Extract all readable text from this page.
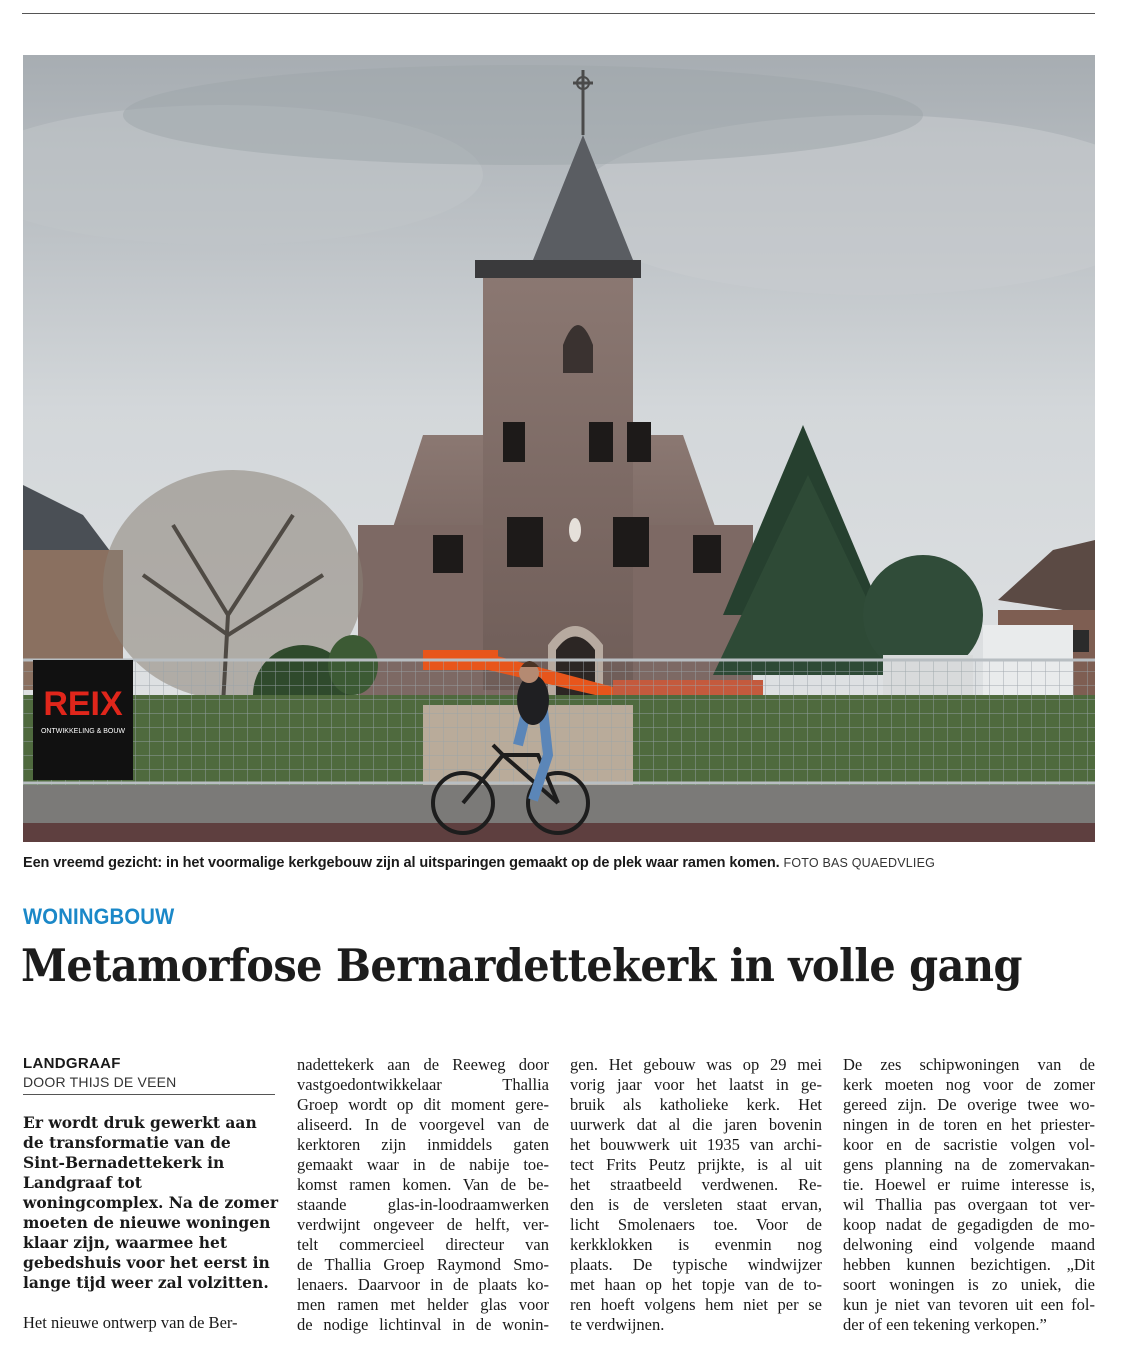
REIX
ONTWIKKELING & BOUW
Een vreemd gezicht: in het voormalige kerkgebouw zijn al uitsparingen gemaakt op de plek waar ramen komen. FOTO BAS QUAEDVLIEG
WONINGBOUW
Metamorfose Bernardettekerk in volle gang
LANDGRAAF
DOOR THIJS DE VEEN

Er wordt druk gewerkt aan
de transformatie van de
Sint-Bernadettekerk in
Landgraaf tot
woningcomplex. Na de zomer
moeten de nieuwe woningen
klaar zijn, waarmee het
gebedshuis voor het eerst in
lange tijd weer zal volzitten.

Het nieuwe ontwerp van de Ber-

nadettekerk aan de Reeweg door
vastgoedontwikkelaar Thallia
Groep wordt op dit moment gere-
aliseerd. In de voorgevel van de
kerktoren zijn inmiddels gaten
gemaakt waar in de nabije toe-
komst ramen komen. Van de be-
staande glas-in-loodraamwerken
verdwijnt ongeveer de helft, ver-
telt commercieel directeur van
de Thallia Groep Raymond Smo-
lenaers. Daarvoor in de plaats ko-
men ramen met helder glas voor
de nodige lichtinval in de wonin-

gen. Het gebouw was op 29 mei
vorig jaar voor het laatst in ge-
bruik als katholieke kerk. Het
uurwerk dat al die jaren bovenin
het bouwwerk uit 1935 van archi-
tect Frits Peutz prijkte, is al uit
het straatbeeld verdwenen. Re-
den is de versleten staat ervan,
licht Smolenaers toe. Voor de
kerkklokken is evenmin nog
plaats. De typische windwijzer
met haan op het topje van de to-
ren hoeft volgens hem niet per se
te verdwijnen.

De zes schipwoningen van de
kerk moeten nog voor de zomer
gereed zijn. De overige twee wo-
ningen in de toren en het priester-
koor en de sacristie volgen vol-
gens planning na de zomervakan-
tie. Hoewel er ruime interesse is,
wil Thallia pas overgaan tot ver-
koop nadat de gegadigden de mo-
delwoning eind volgende maand
hebben kunnen bezichtigen. „Dit
soort woningen is zo uniek, die
kun je niet van tevoren uit een fol-
der of een tekening verkopen.”
